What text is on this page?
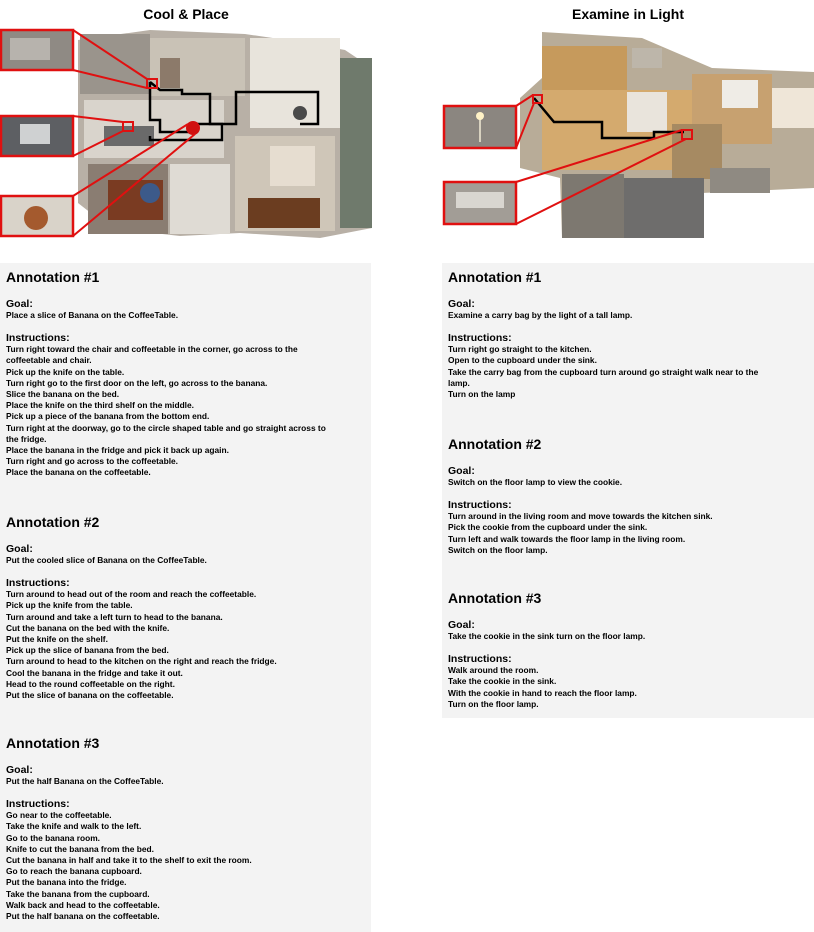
Cool & Place	Examine in Light
Annotation #1
Goal:
Place a slice of Banana on the CoffeeTable.
Instructions:
Turn right toward the chair and coffeetable in the corner, go across to the
coffeetable and chair.
Pick up the knife on the table.
Turn right go to the first door on the left, go across to the banana.
Slice the banana on the bed.
Place the knife on the third shelf on the middle.
Pick up a piece of the banana from the bottom end.
Turn right at the doorway, go to the circle shaped table and go straight across to
the fridge.
Place the banana in the fridge and pick it back up again.
Turn right and go across to the coffeetable.
Place the banana on the coffeetable.
Annotation #2
Goal:
Put the cooled slice of Banana on the CoffeeTable.
Instructions:
Turn around to head out of the room and reach the coffeetable.
Pick up the knife from the table.
Turn around and take a left turn to head to the banana.
Cut the banana on the bed with the knife.
Put the knife on the shelf.
Pick up the slice of banana from the bed.
Turn around to head to the kitchen on the right and reach the fridge.
Cool the banana in the fridge and take it out.
Head to the round coffeetable on the right.
Put the slice of banana on the coffeetable.
Annotation #3
Goal:
Put the half Banana on the CoffeeTable.
Instructions:
Go near to the coffeetable.
Take the knife and walk to the left.
Go to the banana room.
Knife to cut the banana from the bed.
Cut the banana in half and take it to the shelf to exit the room.
Go to reach the banana cupboard.
Put the banana into the fridge.
Take the banana from the cupboard.
Walk back and head to the coffeetable.
Put the half banana on the coffeetable.
Annotation #1
Goal:
Examine a carry bag by the light of a tall lamp.
Instructions:
Turn right go straight to the kitchen.
Open to the cupboard under the sink.
Take the carry bag from the cupboard turn around go straight walk near to the
lamp.
Turn on the lamp
Annotation #2
Goal:
Switch on the floor lamp to view the cookie.
Instructions:
Turn around in the living room and move towards the kitchen sink.
Pick the cookie from the cupboard under the sink.
Turn left and walk towards the floor lamp in the living room.
Switch on the floor lamp.
Annotation #3
Goal:
Take the cookie in the sink turn on the floor lamp.
Instructions:
Walk around the room.
Take the cookie in the sink.
With the cookie in hand to reach the floor lamp.
Turn on the floor lamp.
